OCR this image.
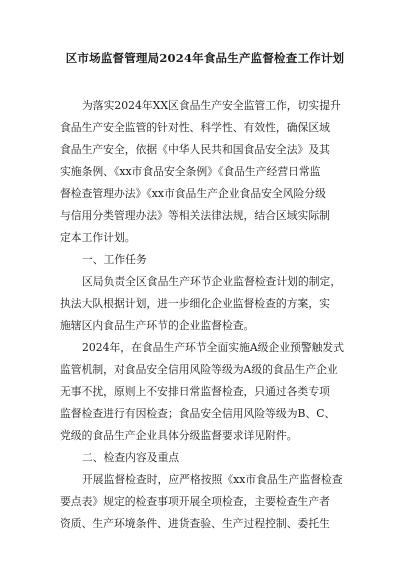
区市场监督管理局2024年食品生产监督检查工作计划
为落实2024年XX区食品生产安全监管工作，切实提升
食品生产安全监管的针对性、科学性、有效性，确保区域
食品生产安全，依据《中华人民共和国食品安全法》及其
实施条例、《xx市食品安全条例》《食品生产经营日常监
督检查管理办法》《xx市食品生产企业食品安全风险分级
与信用分类管理办法》等相关法律法规，结合区域实际制
定本工作计划。
一、工作任务
区局负责全区食品生产环节企业监督检查计划的制定，
执法大队根据计划，进一步细化企业监督检查的方案，实
施辖区内食品生产环节的企业监督检查。
2024年，在食品生产环节全面实施A级企业预警触发式
监管机制，对食品安全信用风险等级为A级的食品生产企业
无事不扰，原则上不安排日常监督检查，只通过各类专项
监督检查进行有因检查；食品安全信用风险等级为B、C、
党级的食品生产企业具体分级监督要求详见附件。
二、检查内容及重点
开展监督检查时，应严格按照《xx市食品生产监督检查
要点表》规定的检查事项开展全项检查，主要检查生产者
资质、生产环境条件、进货查验、生产过程控制、委托生
